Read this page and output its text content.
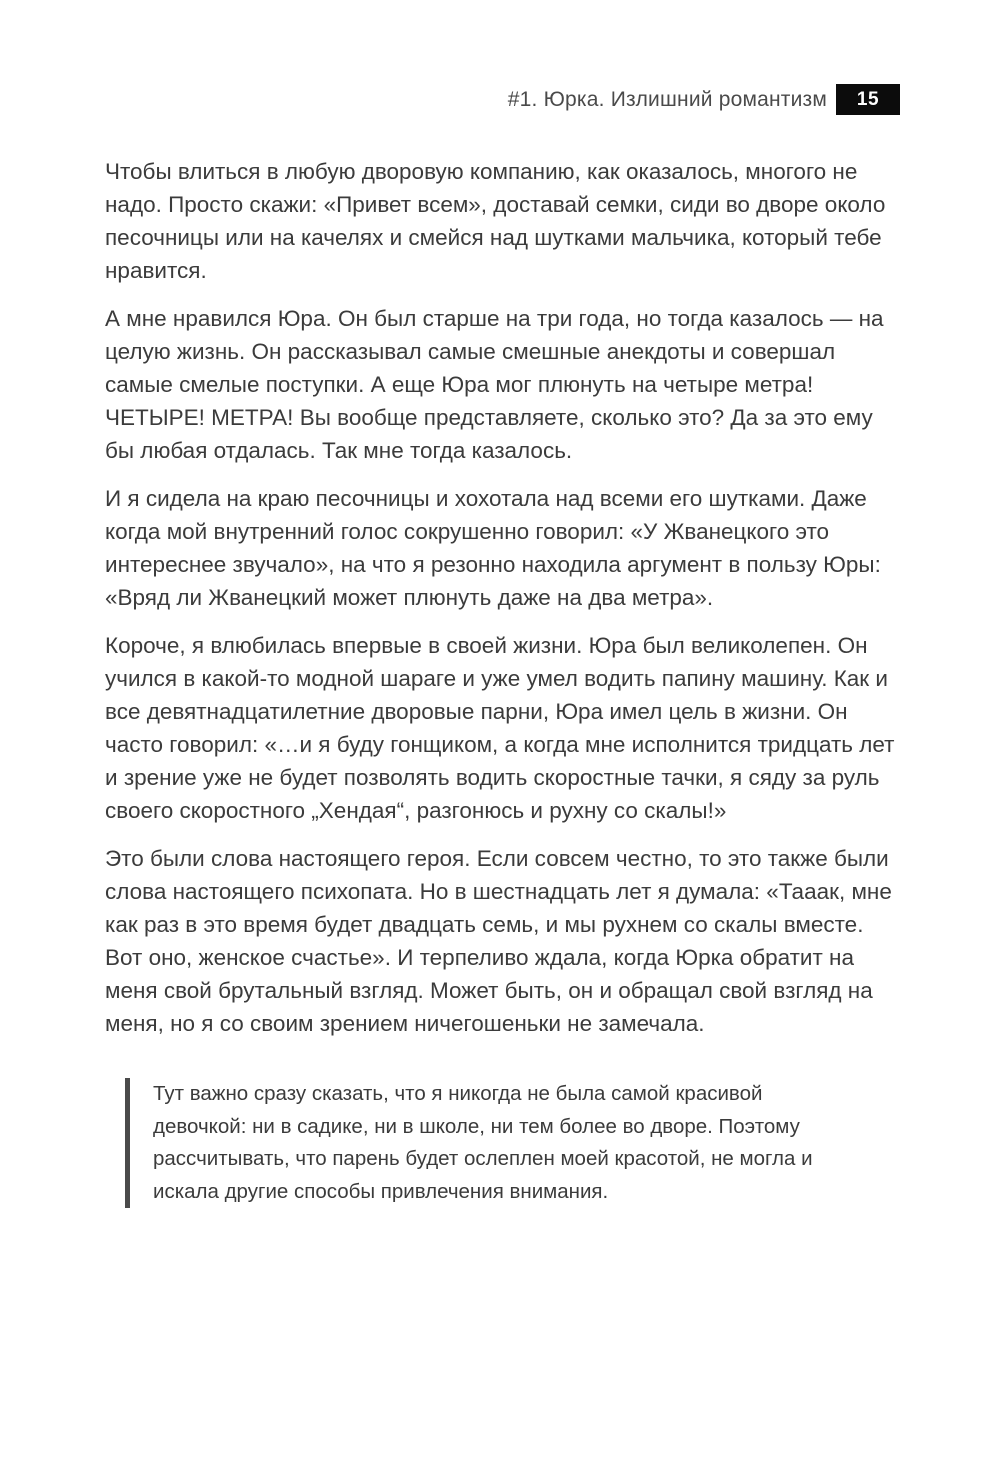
#1. Юрка. Излишний романтизм	15

Чтобы влиться в любую дворовую компанию, как оказалось, многого не надо. Просто скажи: «Привет всем», доставай семки, сиди во дворе около песочницы или на качелях и смейся над шутками мальчика, который тебе нравится.

А мне нравился Юра. Он был старше на три года, но тогда казалось — на целую жизнь. Он рассказывал самые смешные анекдоты и совершал самые смелые поступки. А еще Юра мог плюнуть на четыре метра! ЧЕТЫРЕ! МЕТРА! Вы вообще представляете, сколько это? Да за это ему бы любая отдалась. Так мне тогда казалось.

И я сидела на краю песочницы и хохотала над всеми его шутками. Даже когда мой внутренний голос сокрушенно говорил: «У Жванецкого это интереснее звучало», на что я резонно находила аргумент в пользу Юры: «Вряд ли Жванецкий может плюнуть даже на два метра».

Короче, я влюбилась впервые в своей жизни. Юра был великолепен. Он учился в какой-то модной шараге и уже умел водить папину машину. Как и все девятнадцатилетние дворовые парни, Юра имел цель в жизни. Он часто говорил: «…и я буду гонщиком, а когда мне исполнится тридцать лет и зрение уже не будет позволять водить скоростные тачки, я сяду за руль своего скоростного „Хендая“, разгонюсь и рухну со скалы!»

Это были слова настоящего героя. Если совсем честно, то это также были слова настоящего психопата. Но в шестнадцать лет я думала: «Тааак, мне как раз в это время будет двадцать семь, и мы рухнем со скалы вместе. Вот оно, женское счастье». И терпеливо ждала, когда Юрка обратит на меня свой брутальный взгляд. Может быть, он и обращал свой взгляд на меня, но я со своим зрением ничегошеньки не замечала.

Тут важно сразу сказать, что я никогда не была самой красивой девочкой: ни в садике, ни в школе, ни тем более во дворе. Поэтому рассчитывать, что парень будет ослеплен моей красотой, не могла и искала другие способы привлечения внимания.
